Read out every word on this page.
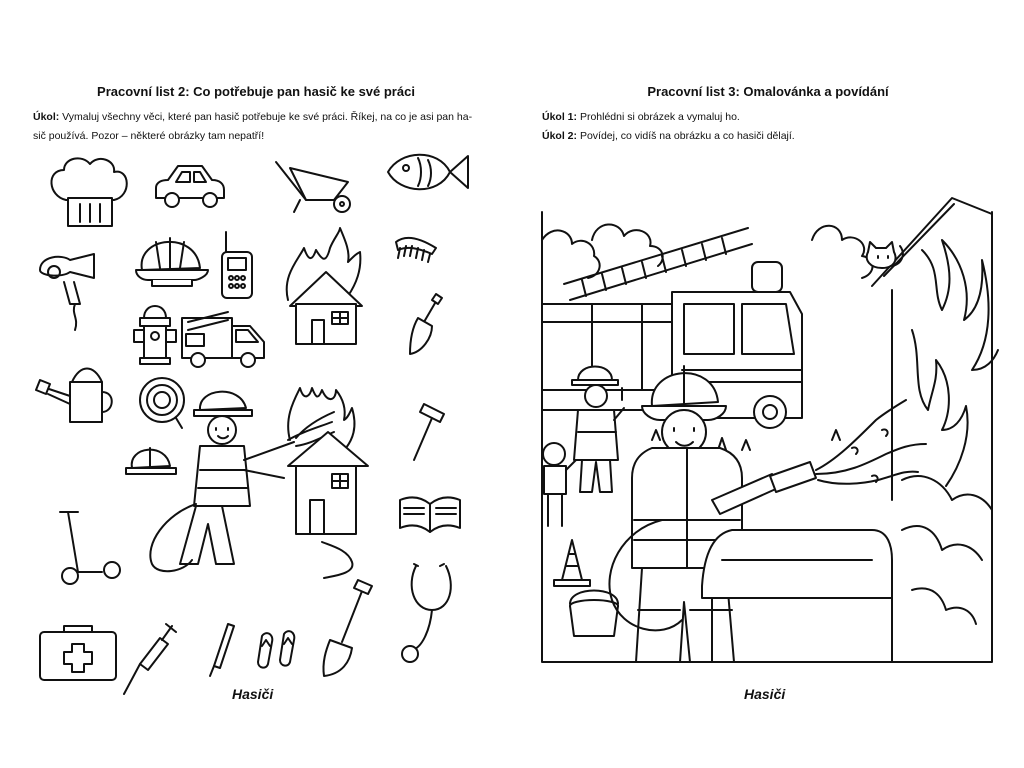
Pracovní list 2: Co potřebuje pan hasič ke své práci
Úkol: Vymaluj všechny věci, které pan hasič potřebuje ke své práci. Říkej, na co je asi pan ha-
sič používá. Pozor – některé obrázky tam nepatří!
Hasiči
Pracovní list 3: Omalovánka a povídání
Úkol 1: Prohlédni si obrázek a vymaluj ho.
Úkol 2: Povídej, co vidíš na obrázku a co hasiči dělají.
Hasiči
